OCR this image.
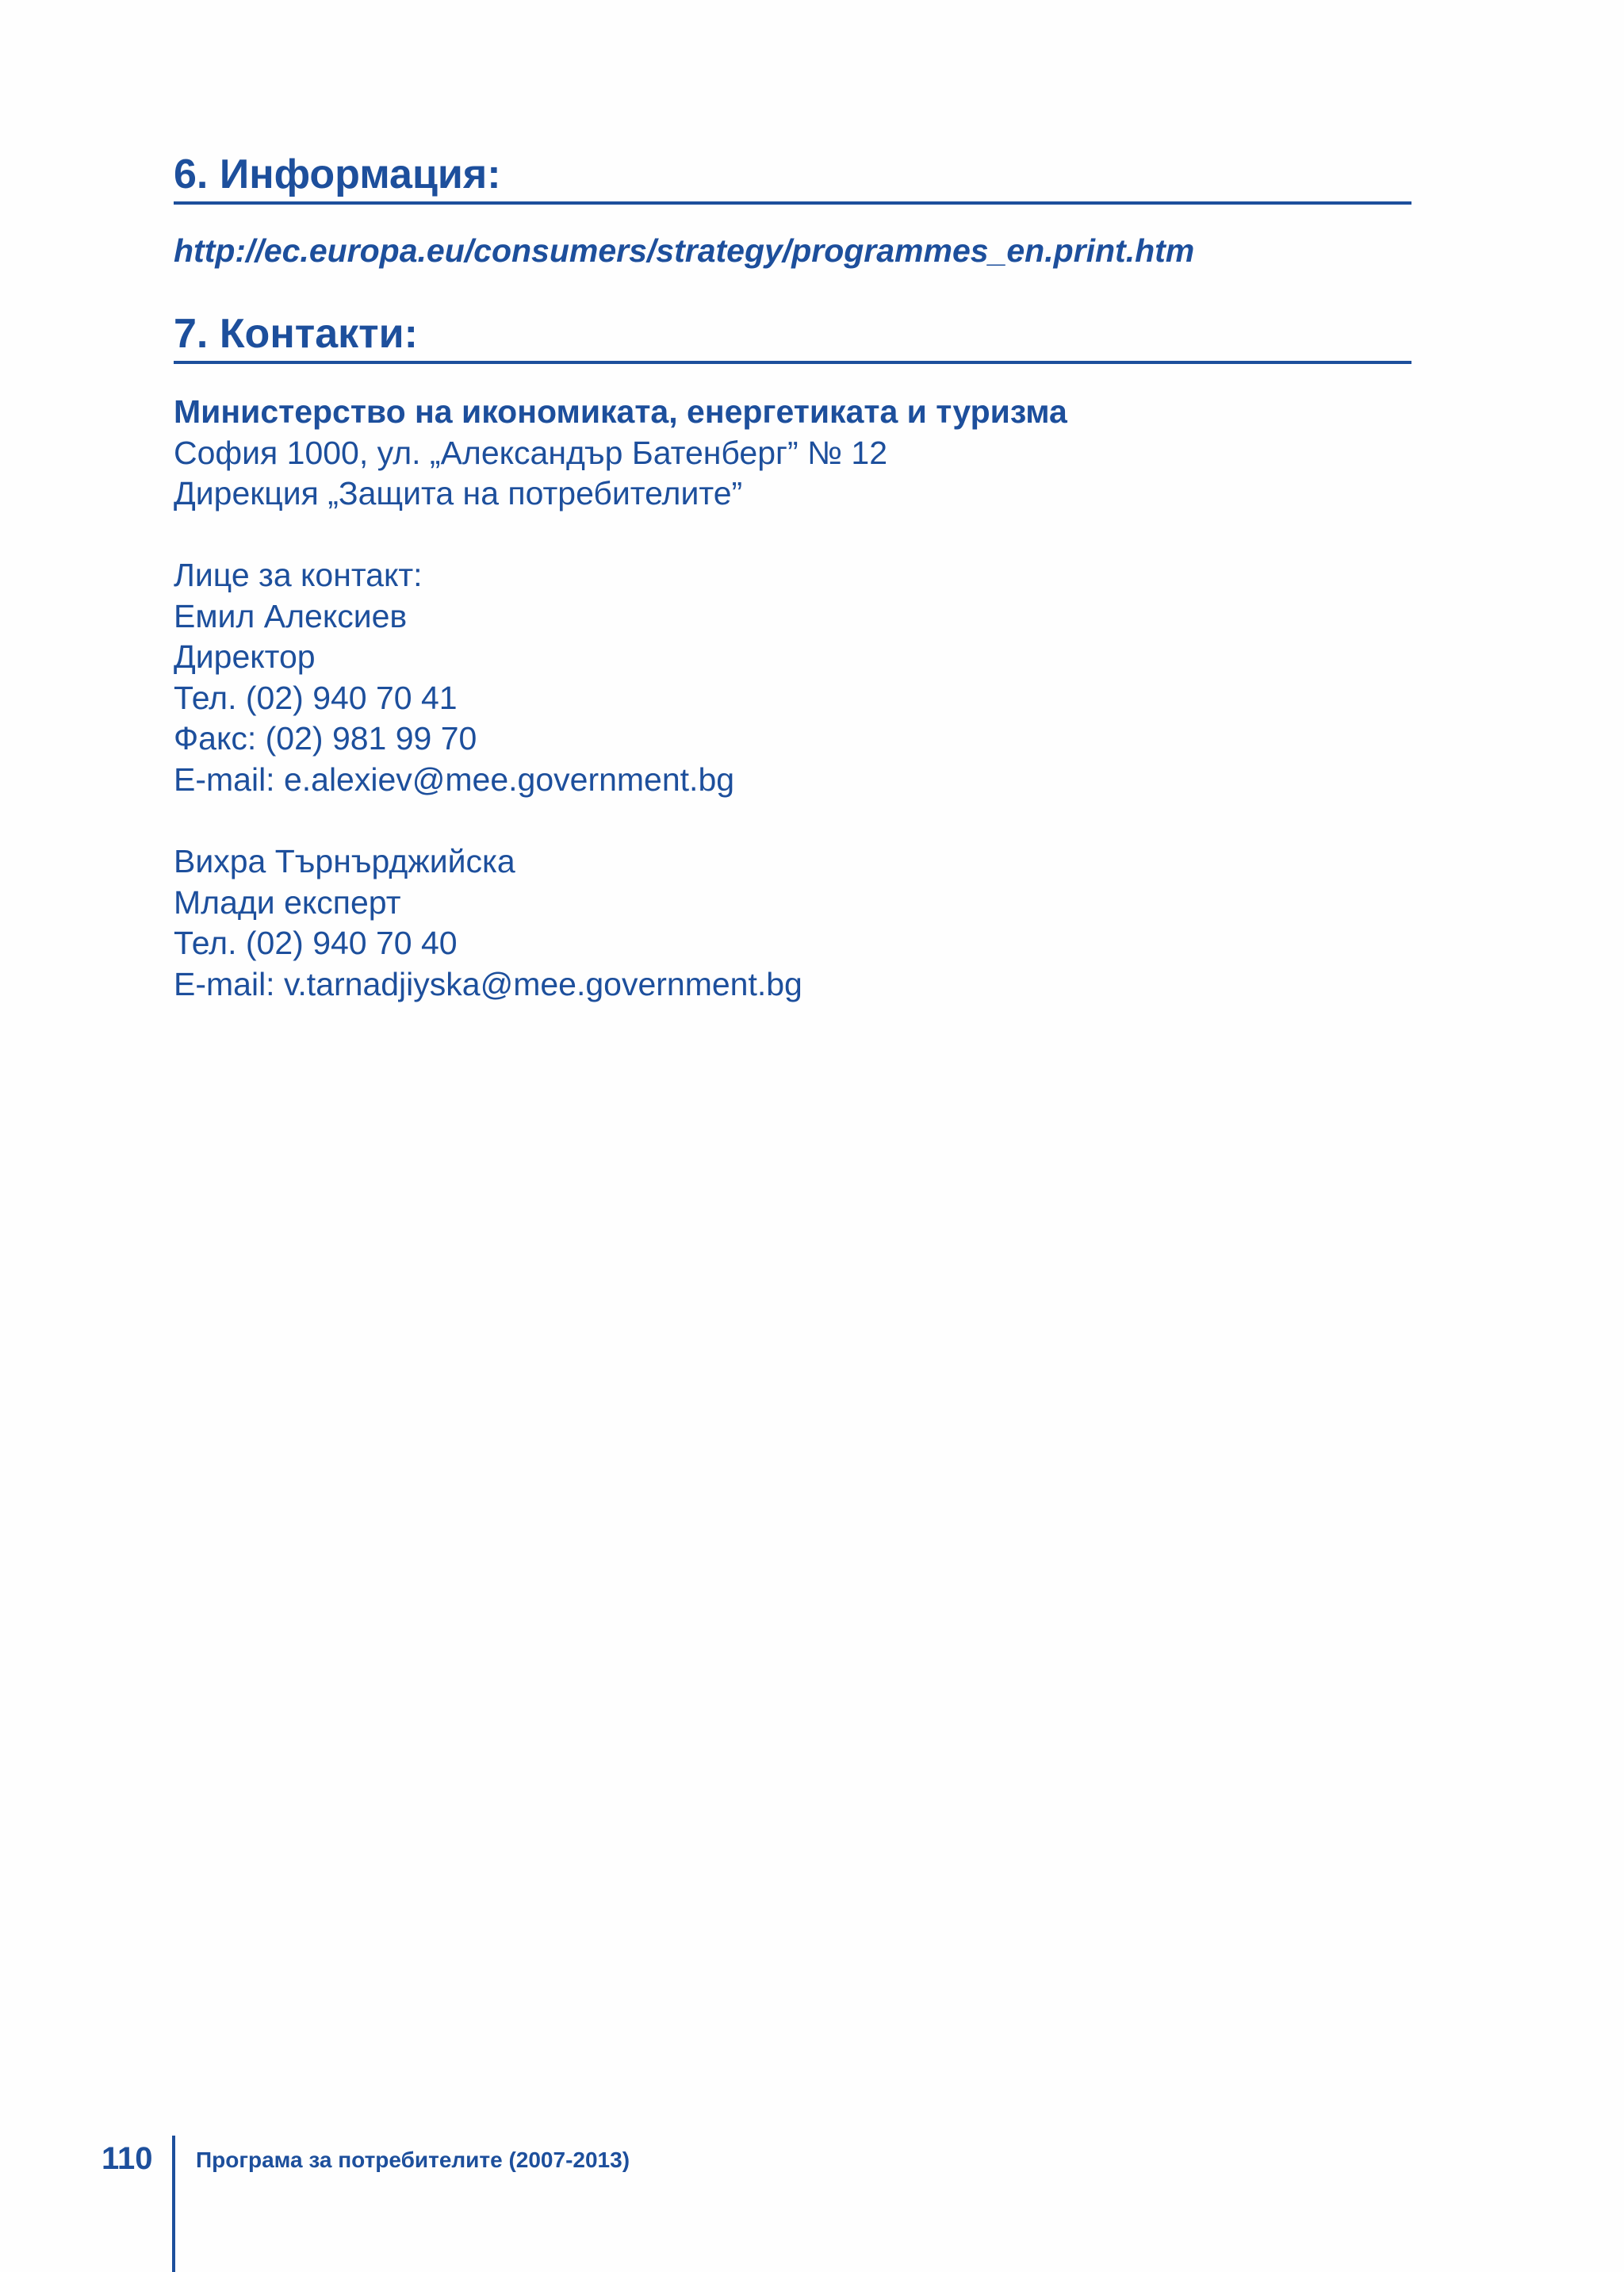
6. Информация:
http://ec.europa.eu/consumers/strategy/programmes_en.print.htm
7. Контакти:
Министерство на икономиката, енергетиката и туризма
София 1000, ул. „Александър Батенберг” № 12
Дирекция „Защита на потребителите”
Лице за контакт:
Емил Алексиев
Директор
Тел. (02) 940 70 41
Факс: (02) 981 99 70
E-mail: e.alexiev@mee.government.bg
Вихра Търнърджийска
Млади експерт
Тел. (02) 940 70 40
E-mail: v.tarnadjiyska@mee.government.bg
110 Програма за потребителите (2007-2013)
